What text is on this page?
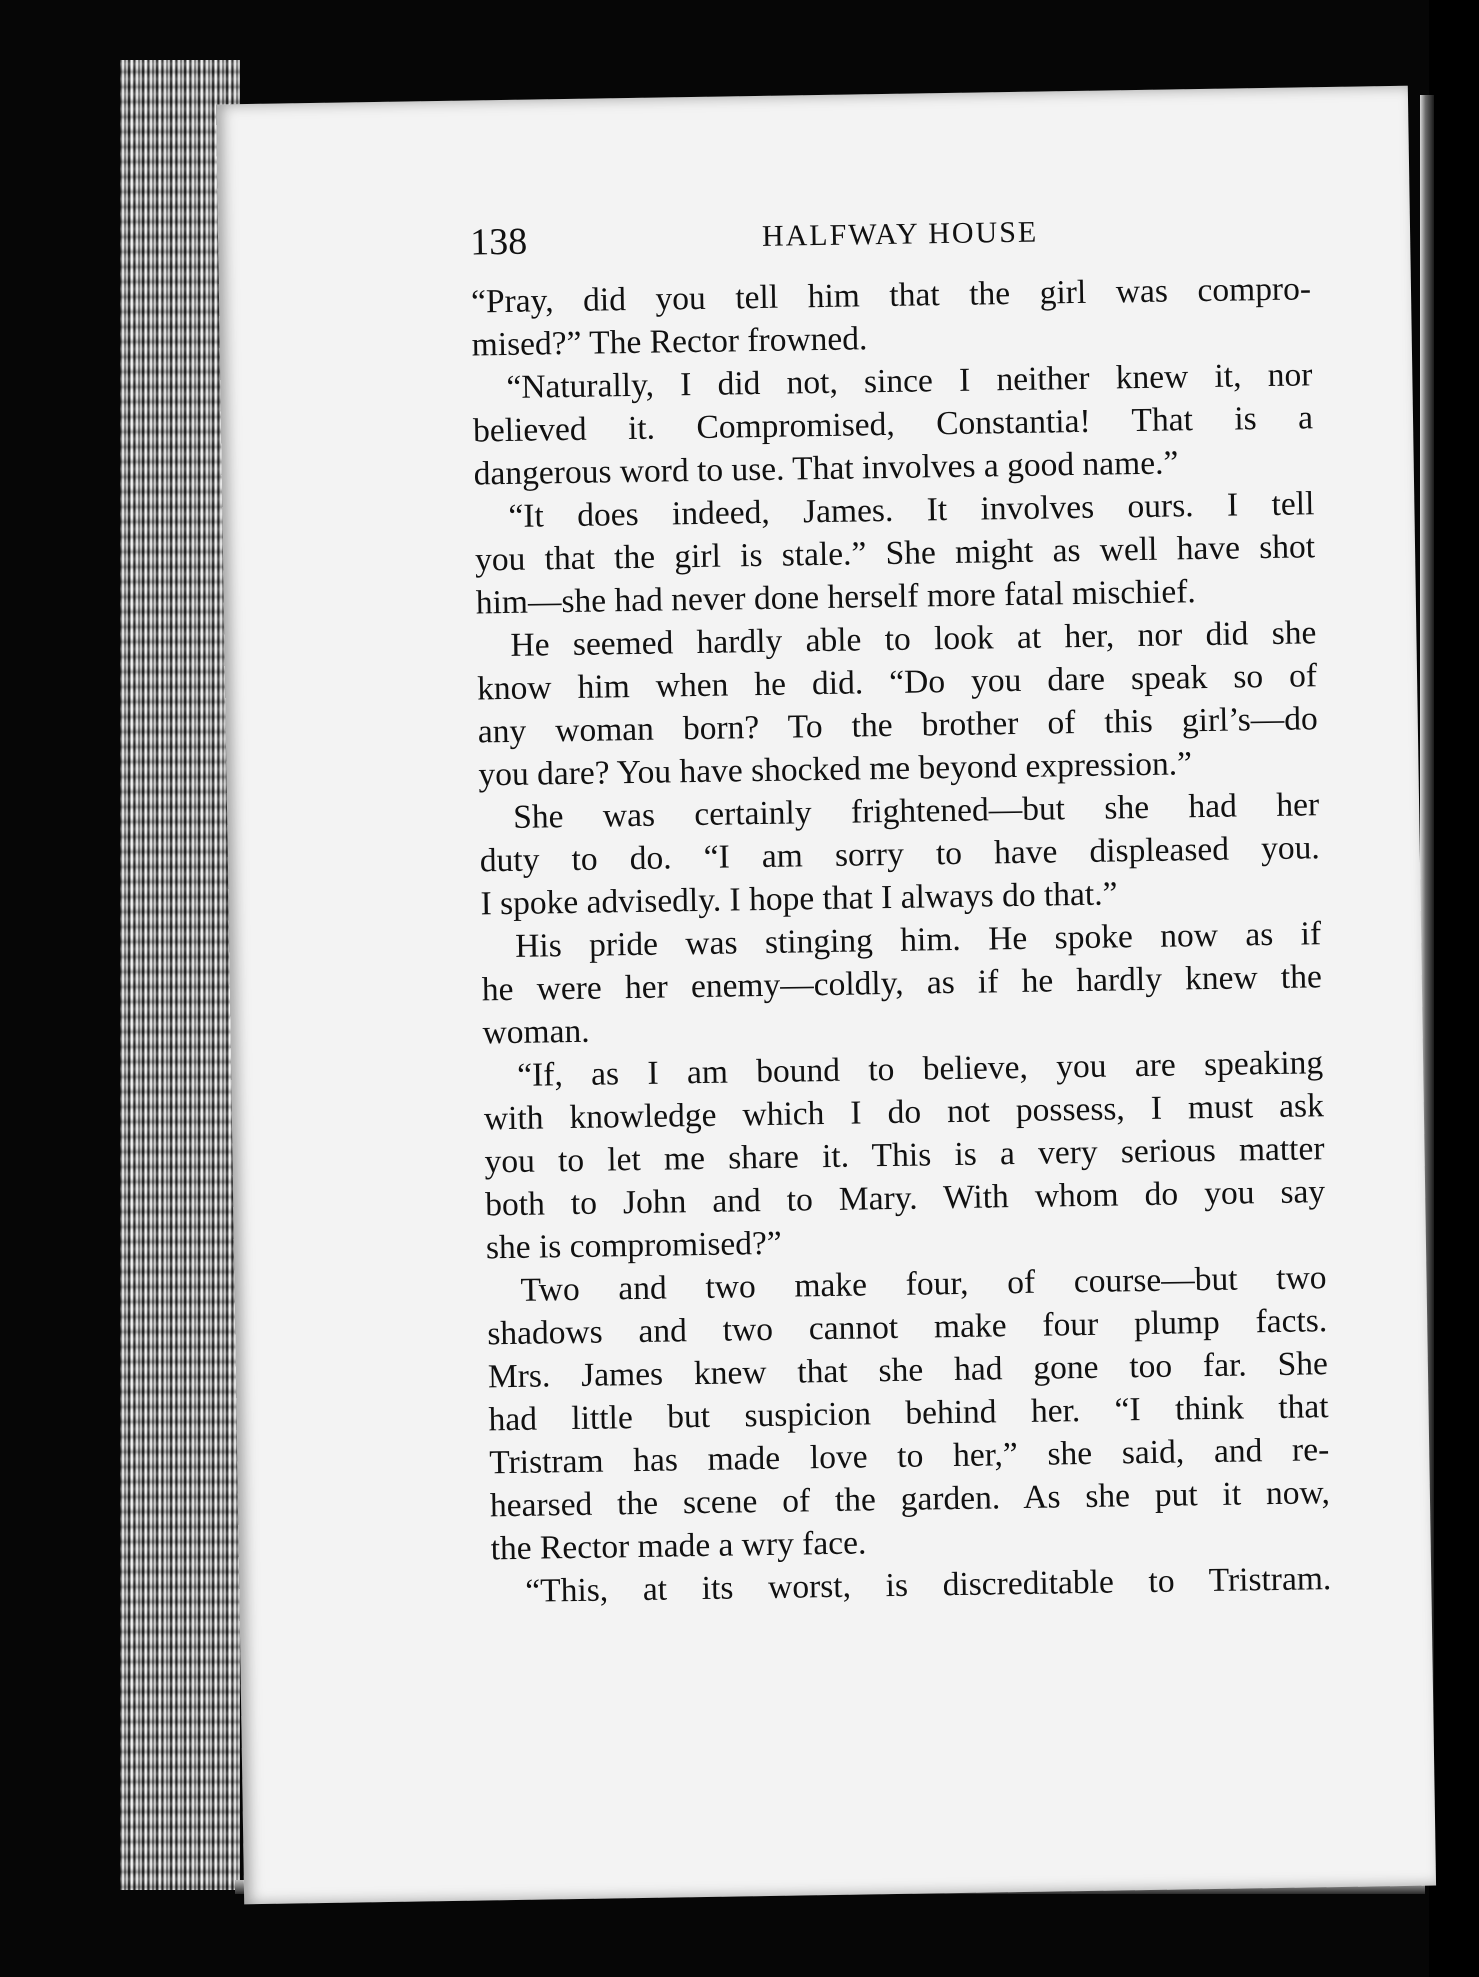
138	HALFWAY HOUSE
“Pray, did you tell him that the girl was compro-
mised?” The Rector frowned.
“Naturally, I did not, since I neither knew it, nor
believed it. Compromised, Constantia! That is a
dangerous word to use. That involves a good name.”
“It does indeed, James. It involves ours. I tell
you that the girl is stale.” She might as well have shot
him—she had never done herself more fatal mischief.
He seemed hardly able to look at her, nor did she
know him when he did. “Do you dare speak so of
any woman born? To the brother of this girl’s—do
you dare? You have shocked me beyond expression.”
She was certainly frightened—but she had her
duty to do. “I am sorry to have displeased you.
I spoke advisedly. I hope that I always do that.”
His pride was stinging him. He spoke now as if
he were her enemy—coldly, as if he hardly knew the
woman.
“If, as I am bound to believe, you are speaking
with knowledge which I do not possess, I must ask
you to let me share it. This is a very serious matter
both to John and to Mary. With whom do you say
she is compromised?”
Two and two make four, of course—but two
shadows and two cannot make four plump facts.
Mrs. James knew that she had gone too far. She
had little but suspicion behind her. “I think that
Tristram has made love to her,” she said, and re-
hearsed the scene of the garden. As she put it now,
the Rector made a wry face.
“This, at its worst, is discreditable to Tristram.
